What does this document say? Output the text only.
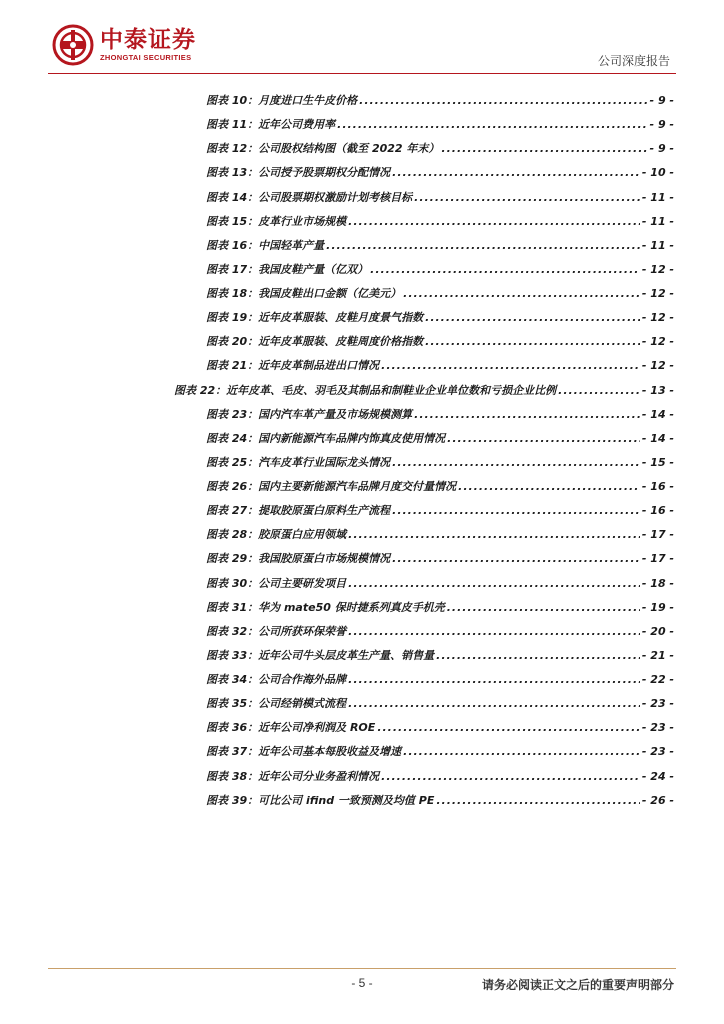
中泰证券
ZHONGTAI SECURITIES	公司深度报告
图表 10：月度进口生牛皮价格 .....	- 9 -
图表 11：近年公司费用率 .....	- 9 -
图表 12：公司股权结构图（截至 2022 年末） .....	- 9 -
图表 13：公司授予股票期权分配情况 .....	- 10 -
图表 14：公司股票期权激励计划考核目标 .....	- 11 -
图表 15：皮革行业市场规模 .....	- 11 -
图表 16：中国轻革产量 .....	- 11 -
图表 17：我国皮鞋产量（亿双） .....	- 12 -
图表 18：我国皮鞋出口金额（亿美元） .....	- 12 -
图表 19：近年皮革服装、皮鞋月度景气指数 .....	- 12 -
图表 20：近年皮革服装、皮鞋周度价格指数 .....	- 12 -
图表 21：近年皮革制品进出口情况 .....	- 12 -
图表 22：近年皮革、毛皮、羽毛及其制品和制鞋业企业单位数和亏损企业比例 .....	- 13 -
图表 23：国内汽车革产量及市场规模测算 .....	- 14 -
图表 24：国内新能源汽车品牌内饰真皮使用情况 .....	- 14 -
图表 25：汽车皮革行业国际龙头情况 .....	- 15 -
图表 26：国内主要新能源汽车品牌月度交付量情况 .....	- 16 -
图表 27：提取胶原蛋白原料生产流程 .....	- 16 -
图表 28：胶原蛋白应用领域 .....	- 17 -
图表 29：我国胶原蛋白市场规模情况 .....	- 17 -
图表 30：公司主要研发项目 .....	- 18 -
图表 31：华为 mate50 保时捷系列真皮手机壳 .....	- 19 -
图表 32：公司所获环保荣誉 .....	- 20 -
图表 33：近年公司牛头层皮革生产量、销售量 .....	- 21 -
图表 34：公司合作海外品牌 .....	- 22 -
图表 35：公司经销模式流程 .....	- 23 -
图表 36：近年公司净利润及 ROE .....	- 23 -
图表 37：近年公司基本每股收益及增速 .....	- 23 -
图表 38：近年公司分业务盈利情况 .....	- 24 -
图表 39：可比公司 ifind 一致预测及均值 PE .....	- 26 -
- 5 -	请务必阅读正文之后的重要声明部分
